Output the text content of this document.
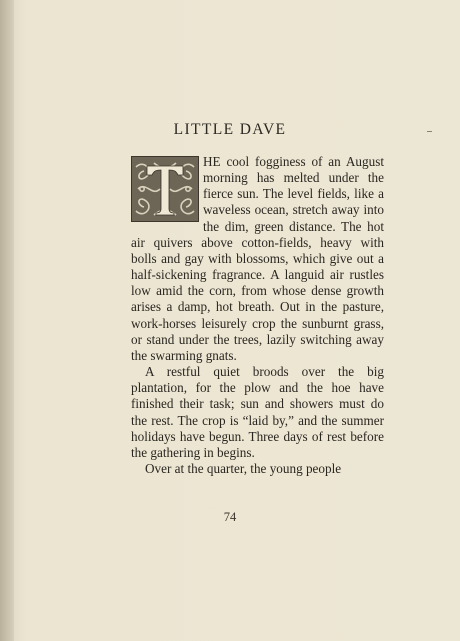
LITTLE DAVE

HE cool fogginess of an August morning has melted under the fierce sun. The level fields, like a waveless ocean, stretch away into the dim, green distance. The hot air quivers above cotton-fields, heavy with bolls and gay with blossoms, which give out a half-sickening fragrance. A languid air rustles low amid the corn, from whose dense growth arises a damp, hot breath. Out in the pasture, work-horses leisurely crop the sunburnt grass, or stand under the trees, lazily switching away the swarming gnats.

A restful quiet broods over the big plantation, for the plow and the hoe have finished their task; sun and showers must do the rest. The crop is “laid by,” and the summer holidays have begun. Three days of rest before the gathering in begins.

Over at the quarter, the young people

74
